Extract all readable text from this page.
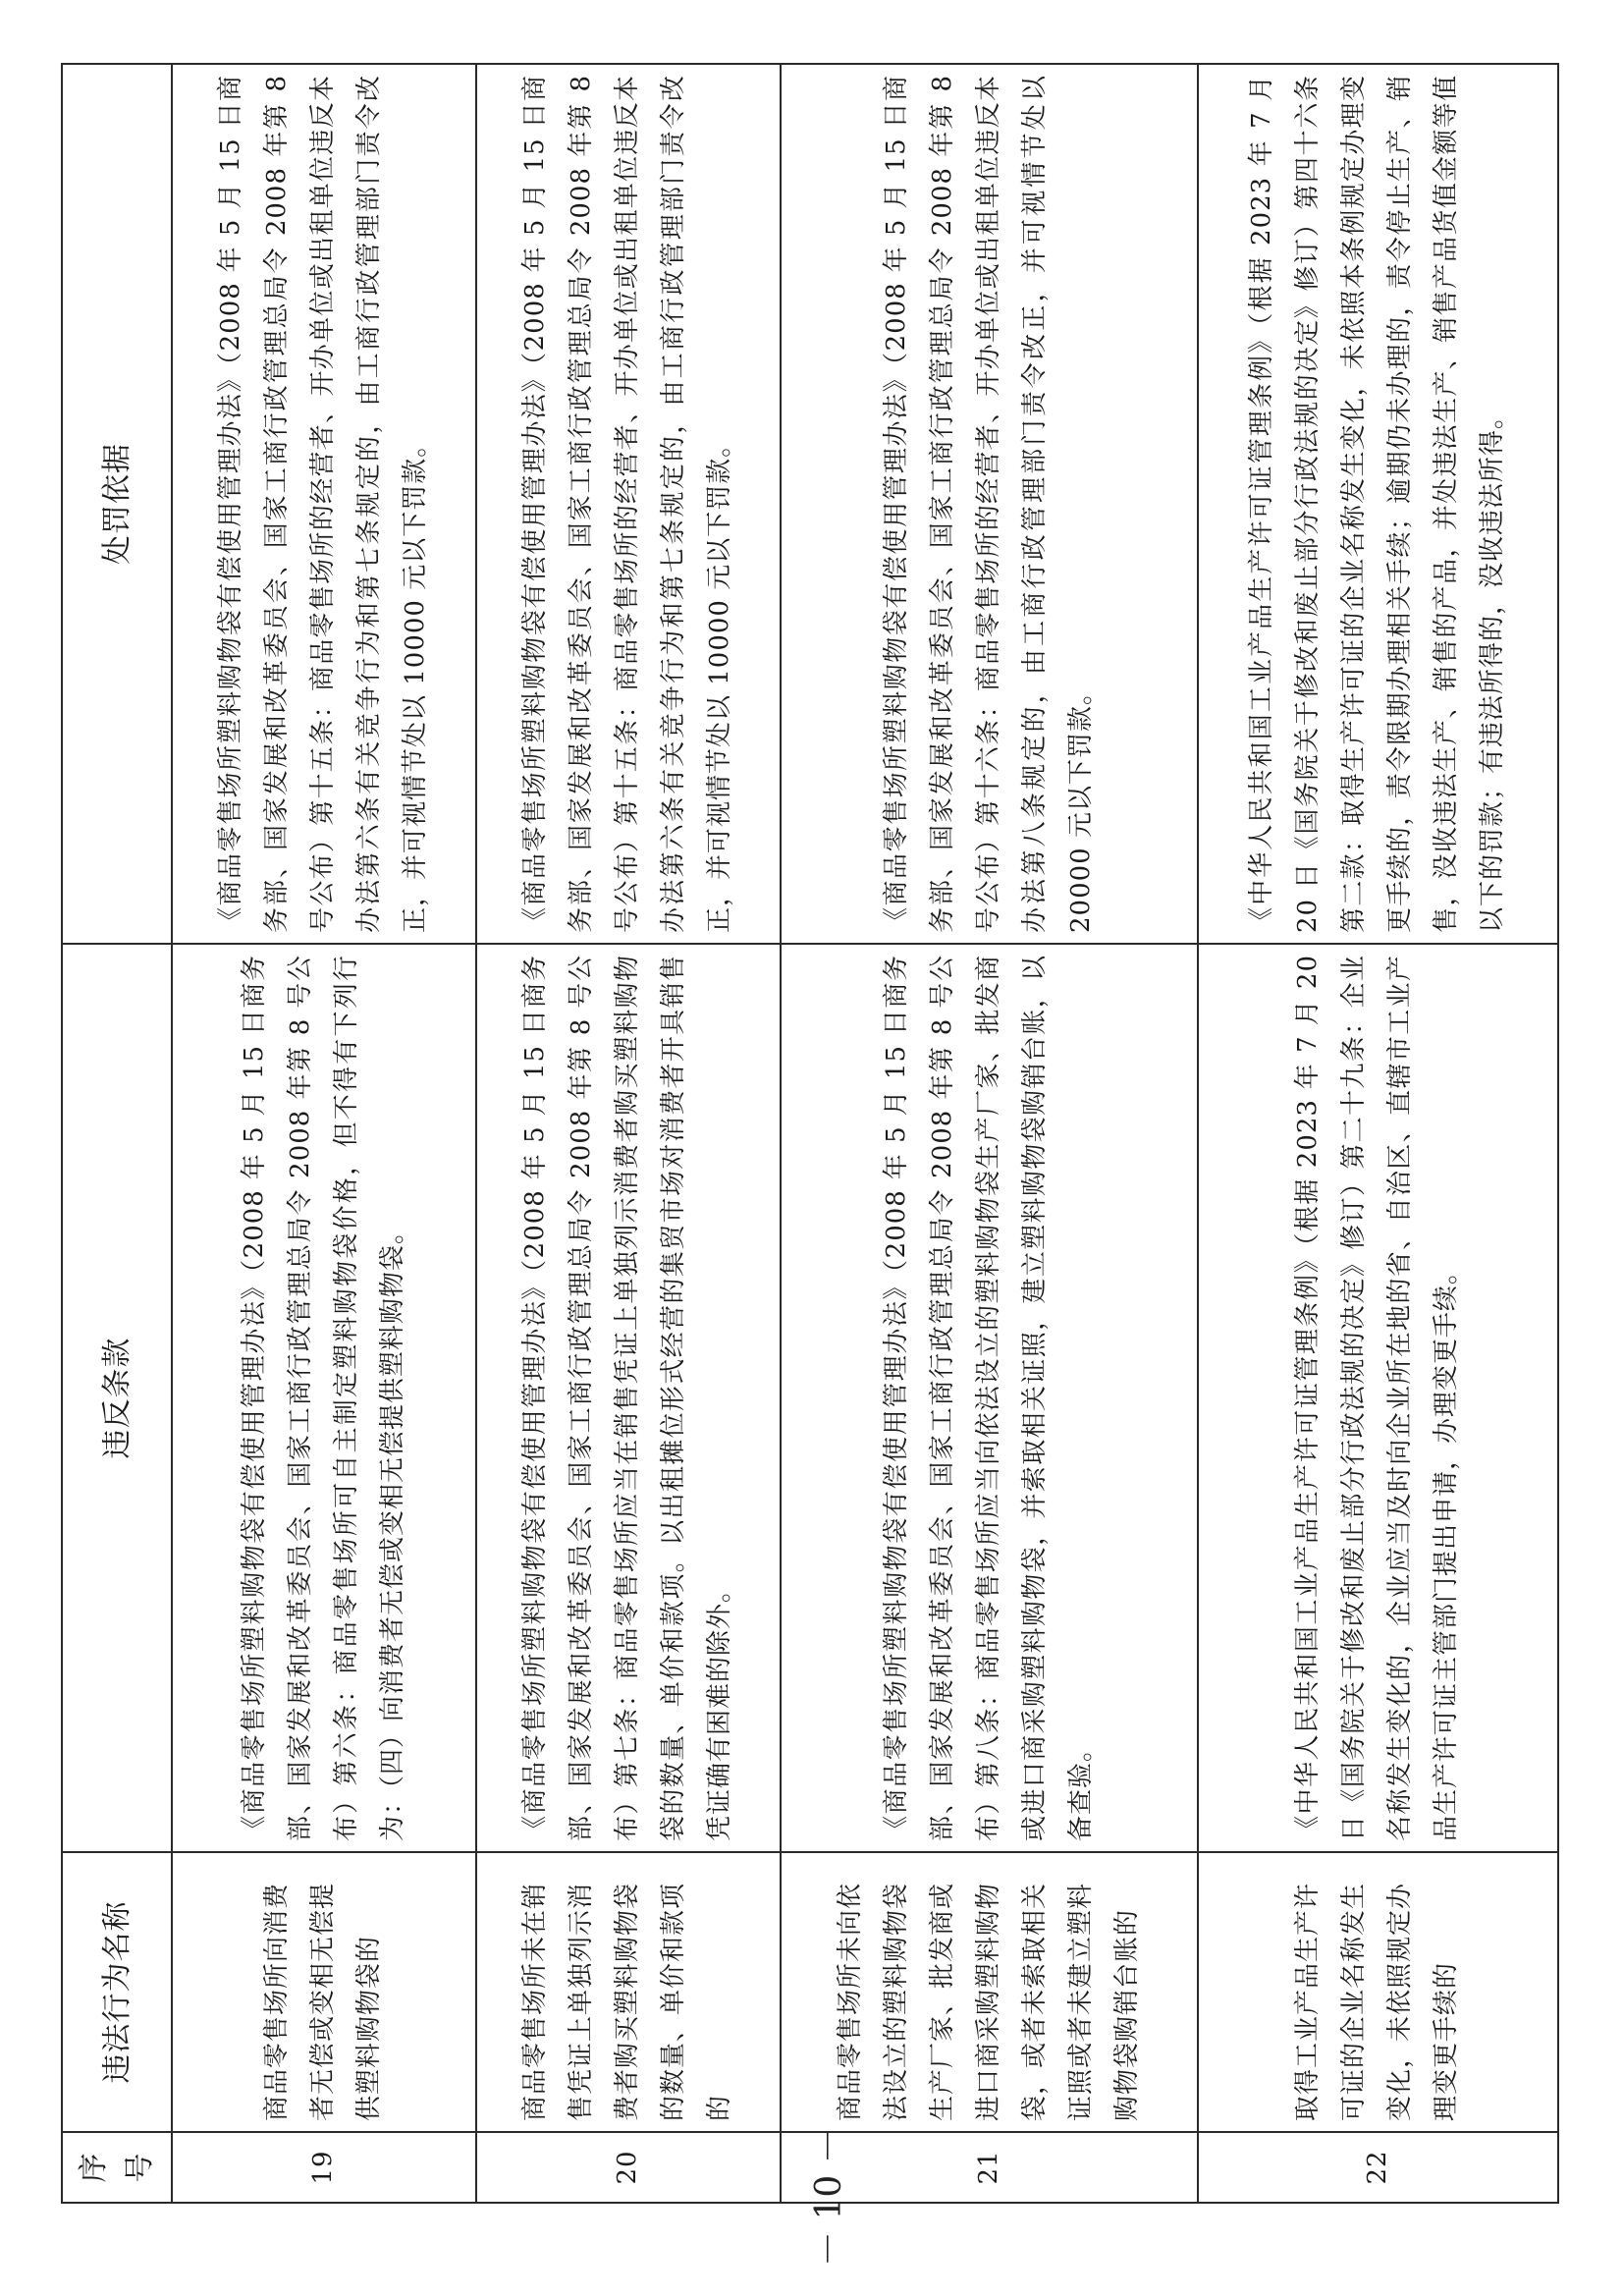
序号	违法行为名称	违反条款	处罚依据
19	商品零售场所向消费者无偿或变相无偿提供塑料购物袋的	《商品零售场所塑料购物袋有偿使用管理办法》（2008 年 5 月 15 日商务部、国家发展和改革委员会、国家工商行政管理总局令 2008 年第 8 号公布）第六条：商品零售场所可自主制定塑料购物袋价格，但不得有下列行为：（四）向消费者无偿或变相无偿提供塑料购物袋。	《商品零售场所塑料购物袋有偿使用管理办法》（2008 年 5 月 15 日商务部、国家发展和改革委员会、国家工商行政管理总局令 2008 年第 8 号公布）第十五条：商品零售场所的经营者、开办单位或出租单位违反本办法第六条有关竞争行为和第七条规定的，由工商行政管理部门责令改正，并可视情节处以 10000 元以下罚款。
20	商品零售场所未在销售凭证上单独列示消费者购买塑料购物袋的数量、单价和款项的	《商品零售场所塑料购物袋有偿使用管理办法》（2008 年 5 月 15 日商务部、国家发展和改革委员会、国家工商行政管理总局令 2008 年第 8 号公布）第七条：商品零售场所应当在销售凭证上单独列示消费者购买塑料购物袋的数量、单价和款项。以出租摊位形式经营的集贸市场对消费者开具销售凭证确有困难的除外。	《商品零售场所塑料购物袋有偿使用管理办法》（2008 年 5 月 15 日商务部、国家发展和改革委员会、国家工商行政管理总局令 2008 年第 8 号公布）第十五条：商品零售场所的经营者、开办单位或出租单位违反本办法第六条有关竞争行为和第七条规定的，由工商行政管理部门责令改正，并可视情节处以 10000 元以下罚款。
21	商品零售场所未向依法设立的塑料购物袋生产厂家、批发商或进口商采购塑料购物袋，或者未索取相关证照或者未建立塑料购物袋购销台账的	《商品零售场所塑料购物袋有偿使用管理办法》（2008 年 5 月 15 日商务部、国家发展和改革委员会、国家工商行政管理总局令 2008 年第 8 号公布）第八条：商品零售场所应当向依法设立的塑料购物袋生产厂家、批发商或进口商采购塑料购物袋，并索取相关证照，建立塑料购物袋购销台账，以备查验。	《商品零售场所塑料购物袋有偿使用管理办法》（2008 年 5 月 15 日商务部、国家发展和改革委员会、国家工商行政管理总局令 2008 年第 8 号公布）第十六条：商品零售场所的经营者、开办单位或出租单位违反本办法第八条规定的，由工商行政管理部门责令改正，并可视情节处以 20000 元以下罚款。
22	取得工业产品生产许可证的企业名称发生变化，未依照规定办理变更手续的	《中华人民共和国工业产品生产许可证管理条例》（根据 2023 年 7 月 20 日《国务院关于修改和废止部分行政法规的决定》修订）第二十九条：企业名称发生变化的，企业应当及时向企业所在地的省、自治区、直辖市工业产品生产许可证主管部门提出申请，办理变更手续。	《中华人民共和国工业产品生产许可证管理条例》（根据 2023 年 7 月 20 日《国务院关于修改和废止部分行政法规的决定》修订）第四十六条第二款：取得生产许可证的企业名称发生变化，未依照本条例规定办理变更手续的，责令限期办理相关手续；逾期仍未办理的，责令停止生产、销售，没收违法生产、销售的产品，并处违法生产、销售产品货值金额等值以下的罚款；有违法所得的，没收违法所得。
－ 10 －
